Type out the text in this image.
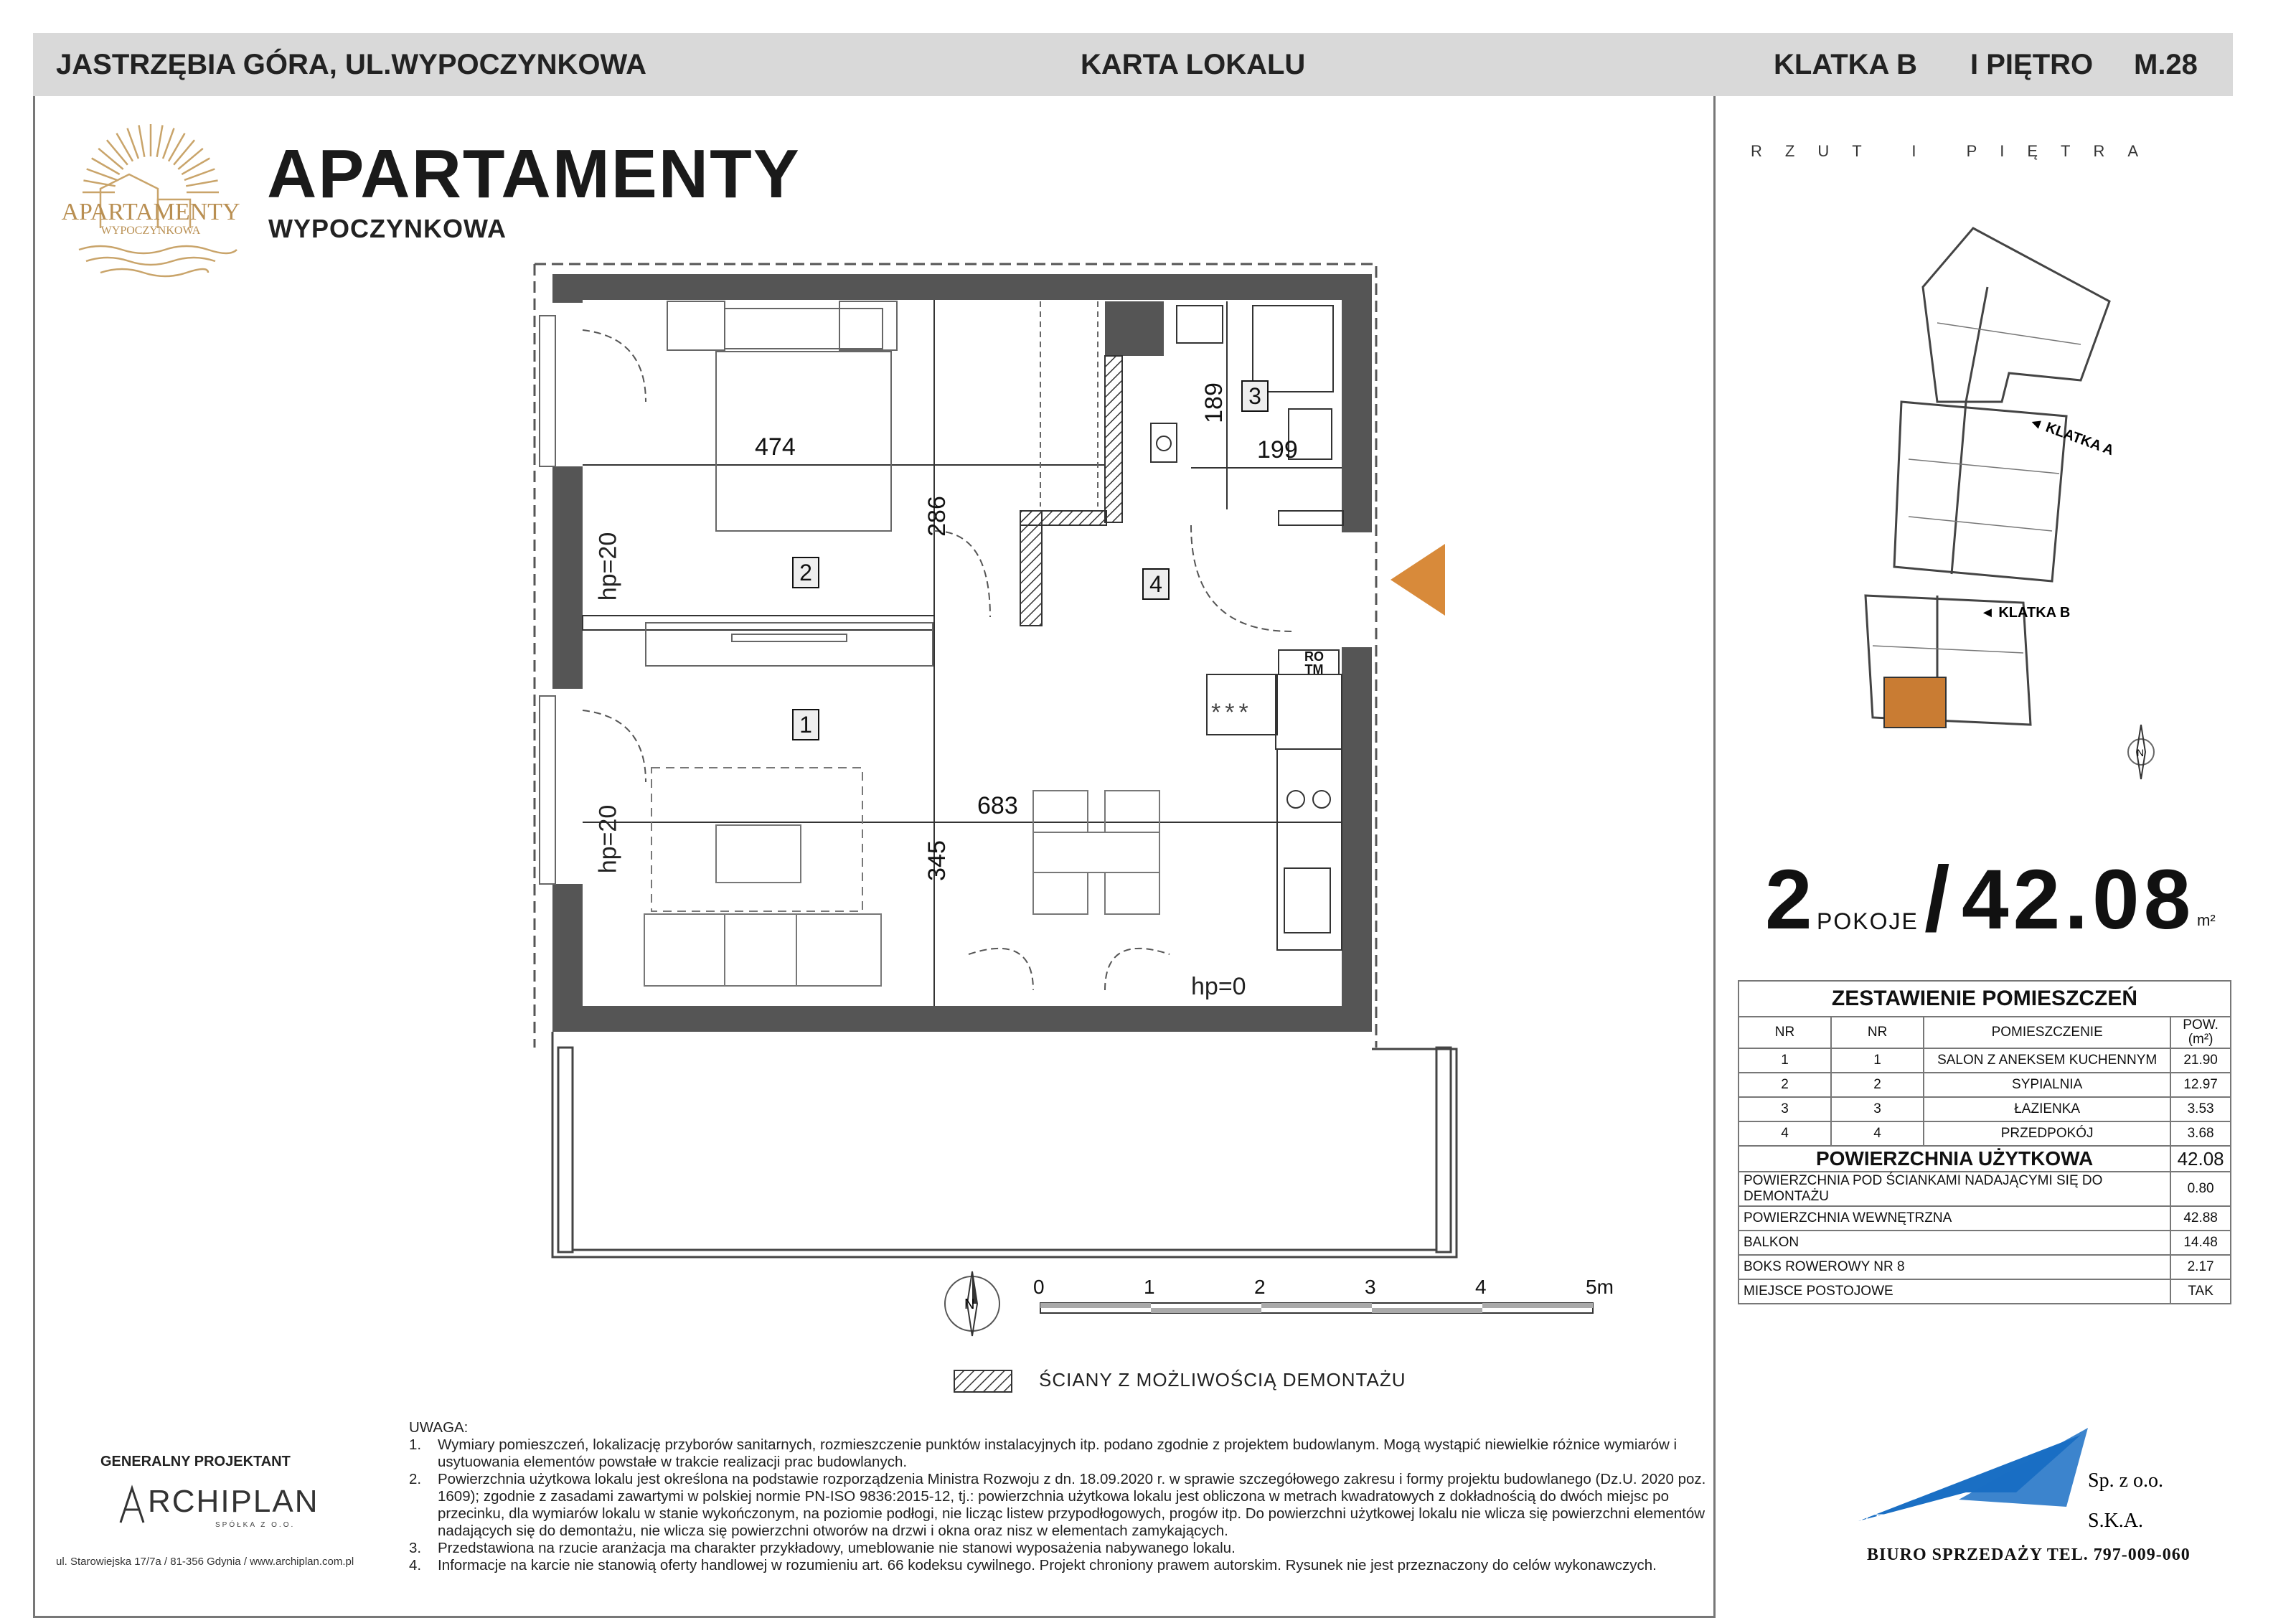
JASTRZĘBIA GÓRA, UL.WYPOCZYNKOWA	KARTA LOKALU	KLATKA B I PIĘTRO M.28
APARTAMENTY
WYPOCZYNKOWA
APARTAMENTY
WYPOCZYNKOWA
474
286
189
199
683
345
2
1
3
4
hp=20
hp=20
hp=0
RO
TM
***
N
0	1	2	3	4	5m
ŚCIANY Z MOŻLIWOŚCIĄ DEMONTAŻU
RZUT I PIĘTRA
◄ KLATKA A
◄ KLATKA B
N
2 POKOJE / 42.08 m²
ZESTAWIENIE POMIESZCZEŃ			
NR	NR	POMIESZCZENIE	POW. (m²)
1	1	SALON Z ANEKSEM KUCHENNYM	21.90
2	2	SYPIALNIA	12.97
3	3	ŁAZIENKA	3.53
4	4	PRZEDPOKÓJ	3.68
POWIERZCHNIA UŻYTKOWA			42.08
POWIERZCHNIA POD ŚCIANKAMI NADAJĄCYMI SIĘ DO DEMONTAŻU			0.80
POWIERZCHNIA WEWNĘTRZNA			42.88
BALKON			14.48
BOKS ROWEROWY NR 8			2.17
MIEJSCE POSTOJOWE			TAK
UWAGA:
1.	Wymiary pomieszczeń, lokalizację przyborów sanitarnych, rozmieszczenie punktów instalacyjnych itp. podano zgodnie z projektem budowlanym. Mogą wystąpić niewielkie różnice wymiarów i usytuowania elementów powstałe w trakcie realizacji prac budowlanych.
2.	Powierzchnia użytkowa lokalu jest określona na podstawie rozporządzenia Ministra Rozwoju z dn. 18.09.2020 r. w sprawie szczegółowego zakresu i formy projektu budowlanego (Dz.U. 2020 poz. 1609); zgodnie z zasadami zawartymi w polskiej normie PN-ISO 9836:2015-12, tj.: powierzchnia użytkowa lokalu jest obliczona w metrach kwadratowych z dokładnością do dwóch miejsc po przecinku, dla wymiarów lokalu w stanie wykończonym, na poziomie podłogi, nie licząc listew przypodłogowych, progów itp. Do powierzchni użytkowej lokalu nie wlicza się powierzchni elementów nadających się do demontażu, nie wlicza się powierzchni otworów na drzwi i okna oraz nisz w elementach zamykających.
3.	Przedstawiona na rzucie aranżacja ma charakter przykładowy, umeblowanie nie stanowi wyposażenia nabywanego lokalu.
4.	Informacje na karcie nie stanowią oferty handlowej w rozumieniu art. 66 kodeksu cywilnego. Projekt chroniony prawem autorskim. Rysunek nie jest przeznaczony do celów wykonawczych.
GENERALNY PROJEKTANT
RCHIPLAN
SPÓŁKA Z O.O.
ul. Starowiejska 17/7a / 81-356 Gdynia / www.archiplan.com.pl
V ELMIS GK
Sp. z o.o.
S.K.A.
BIURO SPRZEDAŻY TEL. 797-009-060
